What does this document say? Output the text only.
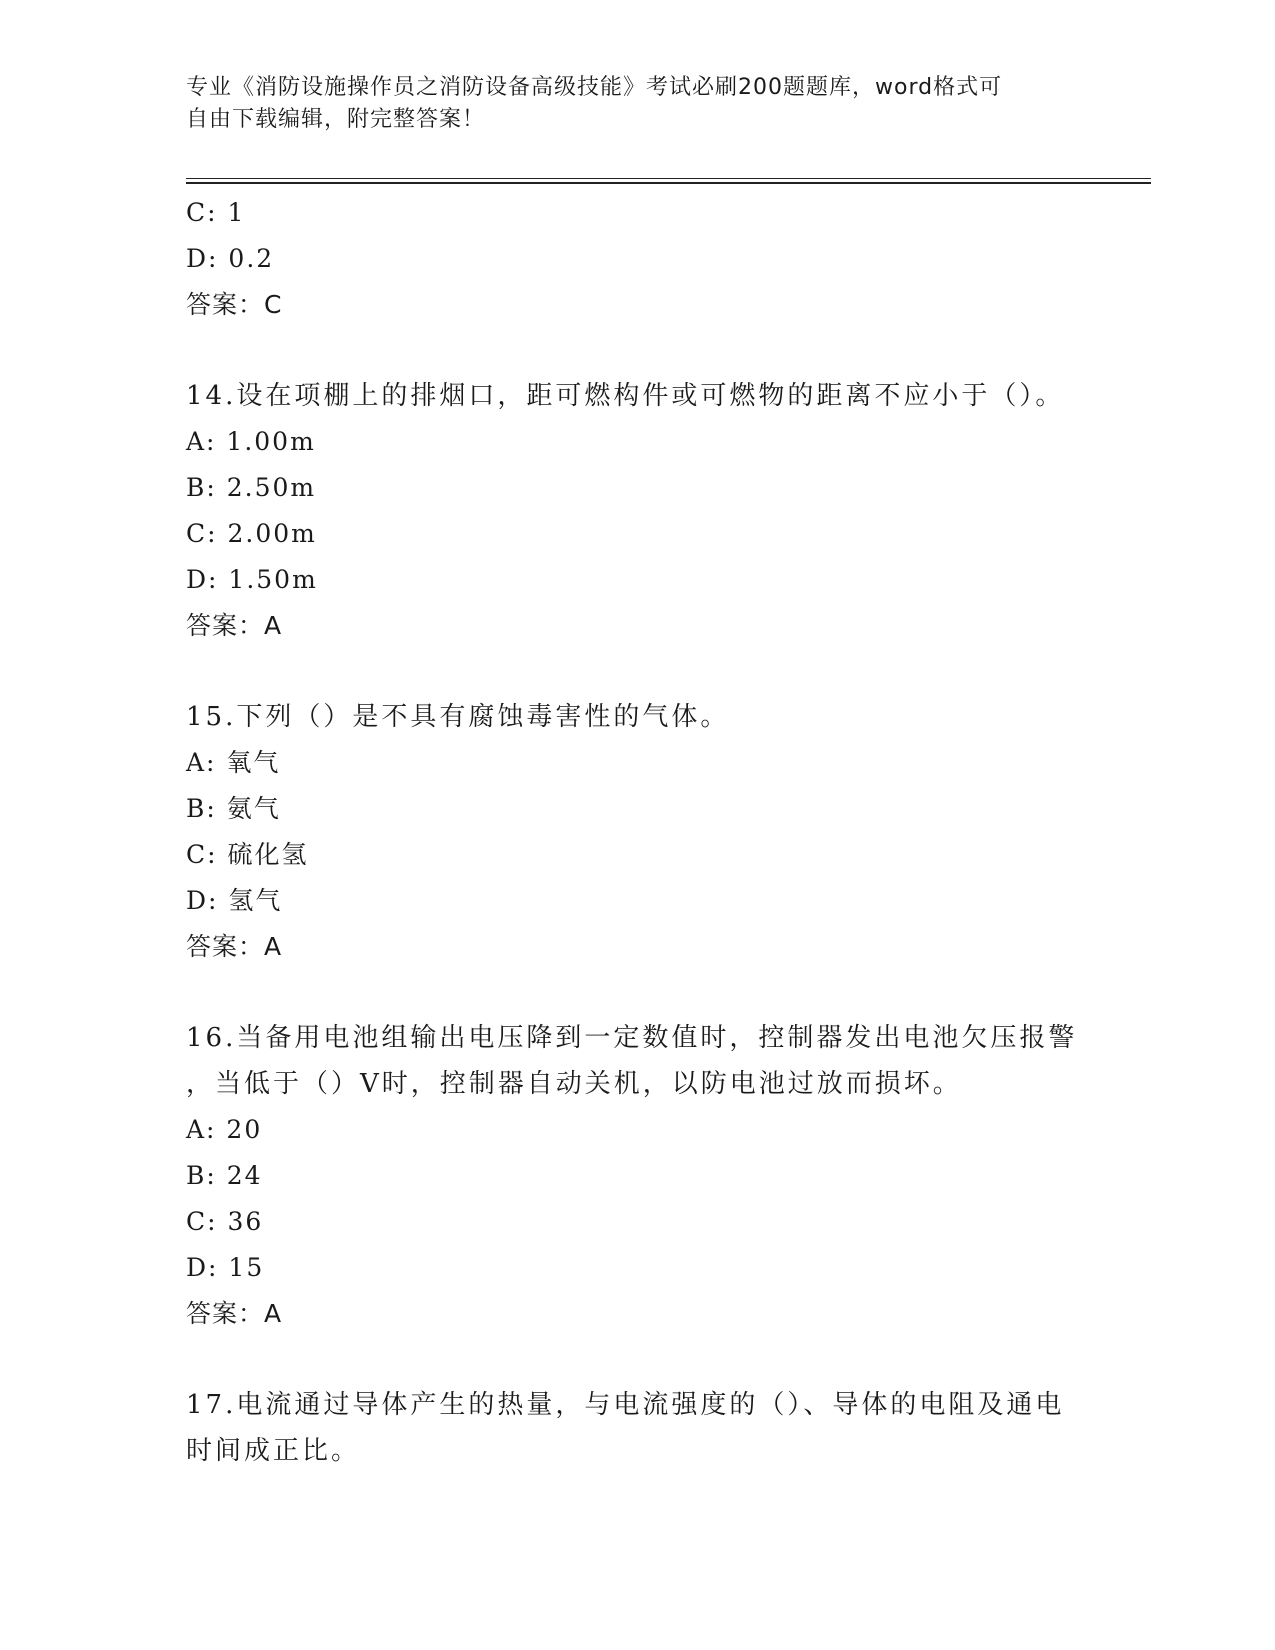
专业《消防设施操作员之消防设备高级技能》考试必刷200题题库，word格式可
自由下载编辑，附完整答案！
C: 1
D: 0.2
答案：C
14.设在项棚上的排烟口，距可燃构件或可燃物的距离不应小于（）。
A: 1.00m
B: 2.50m
C: 2.00m
D: 1.50m
答案：A
15.下列（）是不具有腐蚀毒害性的气体。
A: 氧气
B: 氨气
C: 硫化氢
D: 氢气
答案：A
16.当备用电池组输出电压降到一定数值时，控制器发出电池欠压报警
，当低于（）V时，控制器自动关机，以防电池过放而损坏。
A: 20
B: 24
C: 36
D: 15
答案：A
17.电流通过导体产生的热量，与电流强度的（）、导体的电阻及通电
时间成正比。
